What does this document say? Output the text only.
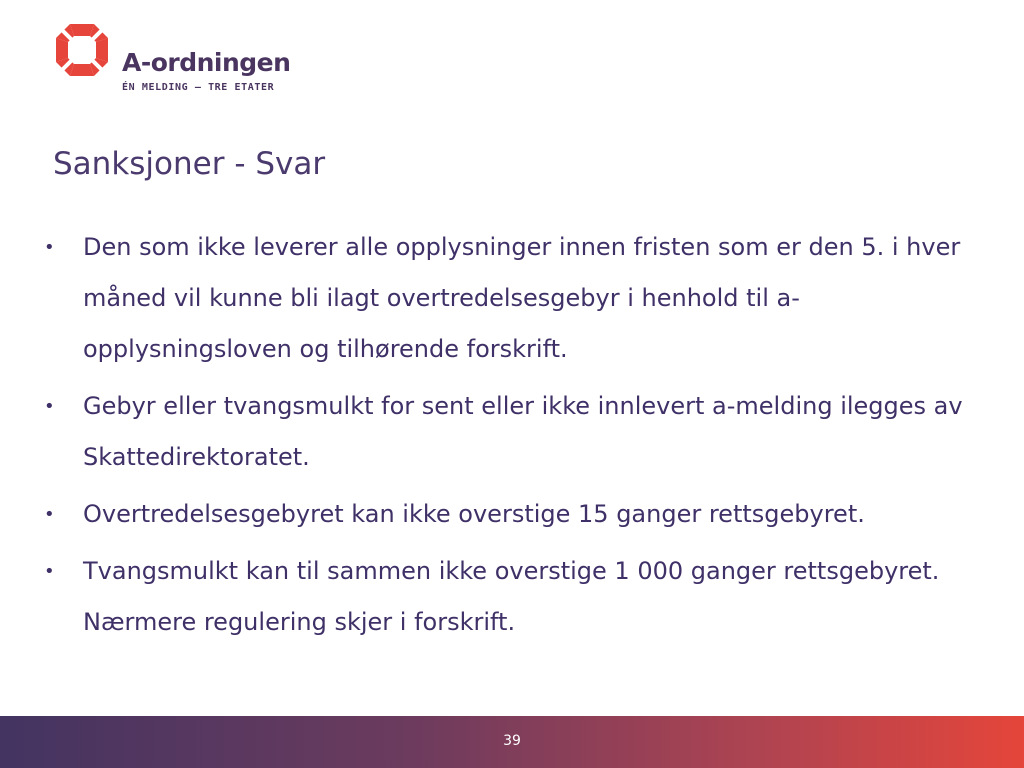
A-ordningen
ÉN MELDING – TRE ETATER
Sanksjoner - Svar
• Den som ikke leverer alle opplysninger innen fristen som er den 5. i hver måned vil kunne bli ilagt overtredelsesgebyr i henhold til a-opplysningsloven og tilhørende forskrift.
• Gebyr eller tvangsmulkt for sent eller ikke innlevert a-melding ilegges av Skattedirektoratet.
• Overtredelsesgebyret kan ikke overstige 15 ganger rettsgebyret.
• Tvangsmulkt kan til sammen ikke overstige 1 000 ganger rettsgebyret. Nærmere regulering skjer i forskrift.
39
